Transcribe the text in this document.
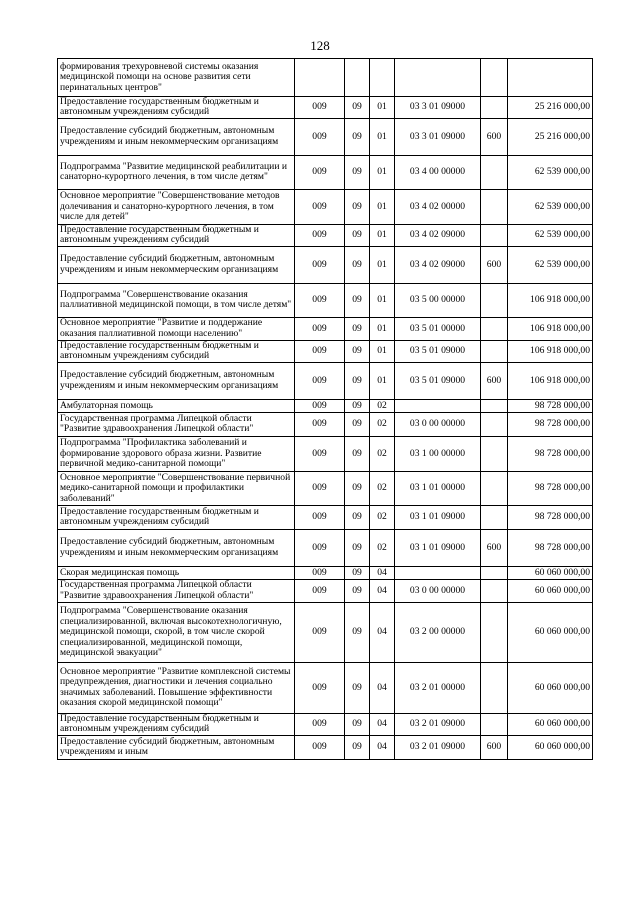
128
формирования трехуровневой системы оказания медицинской помощи на основе развития сети перинатальных центров"						
Предоставление государственным бюджетным и автономным учреждениям субсидий	009	09	01	03 3 01 09000		25 216 000,00
Предоставление субсидий бюджетным, автономным учреждениям и иным некоммерческим организациям	009	09	01	03 3 01 09000	600	25 216 000,00
Подпрограмма "Развитие медицинской реабилитации и санаторно-курортного лечения, в том числе детям"	009	09	01	03 4 00 00000		62 539 000,00
Основное мероприятие "Совершенствование методов долечивания и санаторно-курортного лечения, в том числе для детей"	009	09	01	03 4 02 00000		62 539 000,00
Предоставление государственным бюджетным и автономным учреждениям субсидий	009	09	01	03 4 02 09000		62 539 000,00
Предоставление субсидий бюджетным, автономным учреждениям и иным некоммерческим организациям	009	09	01	03 4 02 09000	600	62 539 000,00
Подпрограмма "Совершенствование оказания паллиативной медицинской помощи, в том числе детям"	009	09	01	03 5 00 00000		106 918 000,00
Основное мероприятие "Развитие и поддержание оказания паллиативной помощи населению"	009	09	01	03 5 01 00000		106 918 000,00
Предоставление государственным бюджетным и автономным учреждениям субсидий	009	09	01	03 5 01 09000		106 918 000,00
Предоставление субсидий бюджетным, автономным учреждениям и иным некоммерческим организациям	009	09	01	03 5 01 09000	600	106 918 000,00
Амбулаторная помощь	009	09	02			98 728 000,00
Государственная программа Липецкой области "Развитие здравоохранения Липецкой области"	009	09	02	03 0 00 00000		98 728 000,00
Подпрограмма "Профилактика заболеваний и формирование здорового образа жизни. Развитие первичной медико-санитарной помощи"	009	09	02	03 1 00 00000		98 728 000,00
Основное мероприятие "Совершенствование первичной медико-санитарной помощи и профилактики заболеваний"	009	09	02	03 1 01 00000		98 728 000,00
Предоставление государственным бюджетным и автономным учреждениям субсидий	009	09	02	03 1 01 09000		98 728 000,00
Предоставление субсидий бюджетным, автономным учреждениям и иным некоммерческим организациям	009	09	02	03 1 01 09000	600	98 728 000,00
Скорая медицинская помощь	009	09	04			60 060 000,00
Государственная программа Липецкой области "Развитие здравоохранения Липецкой области"	009	09	04	03 0 00 00000		60 060 000,00
Подпрограмма "Совершенствование оказания специализированной, включая высокотехнологичную, медицинской помощи, скорой, в том числе скорой специализированной, медицинской помощи, медицинской эвакуации"	009	09	04	03 2 00 00000		60 060 000,00
Основное мероприятие "Развитие комплексной системы предупреждения, диагностики и лечения социально значимых заболеваний. Повышение эффективности оказания скорой медицинской помощи"	009	09	04	03 2 01 00000		60 060 000,00
Предоставление государственным бюджетным и автономным учреждениям субсидий	009	09	04	03 2 01 09000		60 060 000,00
Предоставление субсидий бюджетным, автономным учреждениям и иным	009	09	04	03 2 01 09000	600	60 060 000,00
